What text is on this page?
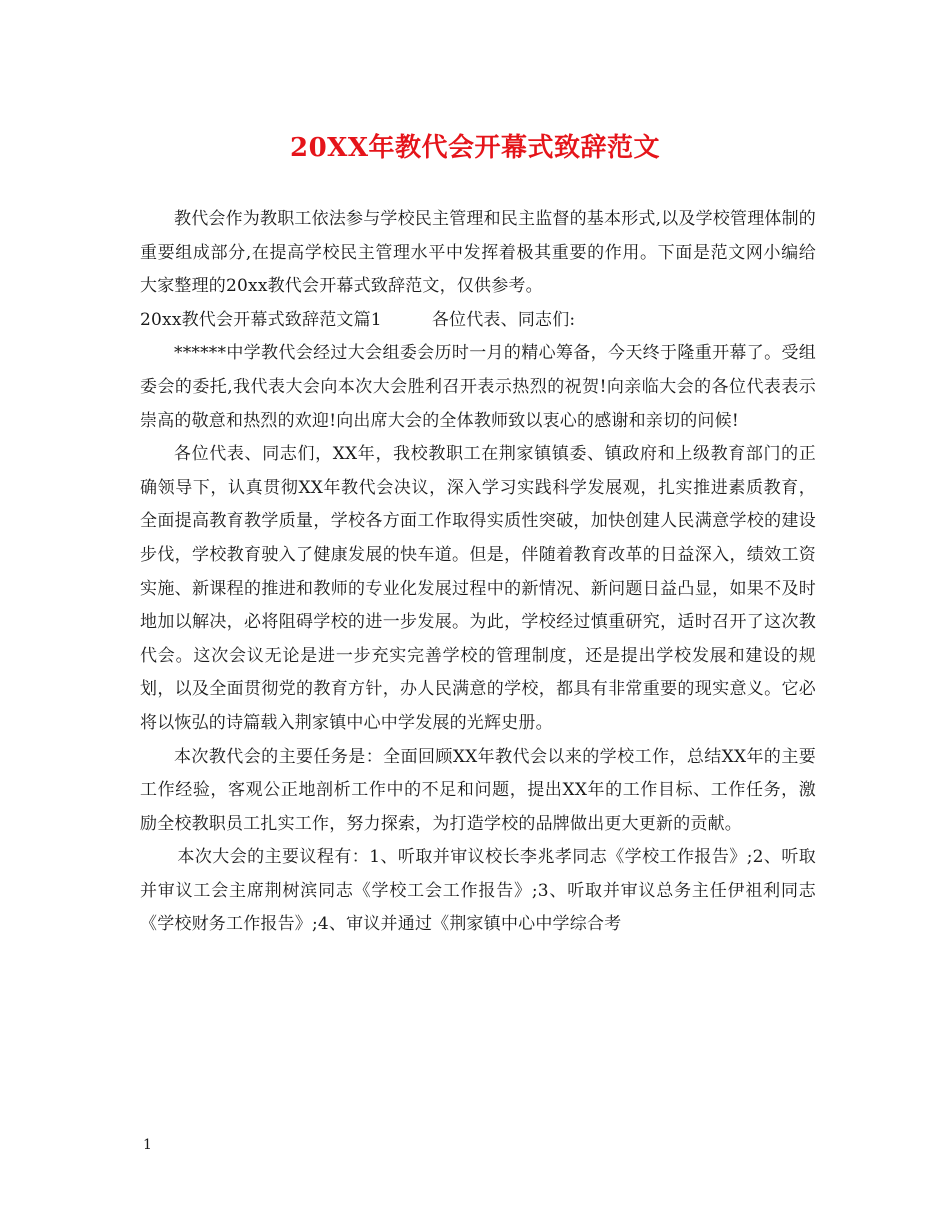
20XX年教代会开幕式致辞范文

教代会作为教职工依法参与学校民主管理和民主监督的基本形式,以及学校管理体制的重要组成部分,在提高学校民主管理水平中发挥着极其重要的作用。下面是范文网小编给大家整理的20xx教代会开幕式致辞范文，仅供参考。

20xx教代会开幕式致辞范文篇1	各位代表、同志们:

******中学教代会经过大会组委会历时一月的精心筹备，今天终于隆重开幕了。受组委会的委托,我代表大会向本次大会胜利召开表示热烈的祝贺!向亲临大会的各位代表表示崇高的敬意和热烈的欢迎!向出席大会的全体教师致以衷心的感谢和亲切的问候!

各位代表、同志们，XX年，我校教职工在荆家镇镇委、镇政府和上级教育部门的正确领导下，认真贯彻XX年教代会决议，深入学习实践科学发展观，扎实推进素质教育，全面提高教育教学质量，学校各方面工作取得实质性突破，加快创建人民满意学校的建设步伐，学校教育驶入了健康发展的快车道。但是，伴随着教育改革的日益深入，绩效工资实施、新课程的推进和教师的专业化发展过程中的新情况、新问题日益凸显，如果不及时地加以解决，必将阻碍学校的进一步发展。为此，学校经过慎重研究，适时召开了这次教代会。这次会议无论是进一步充实完善学校的管理制度，还是提出学校发展和建设的规划，以及全面贯彻党的教育方针，办人民满意的学校，都具有非常重要的现实意义。它必将以恢弘的诗篇载入荆家镇中心中学发展的光辉史册。

本次教代会的主要任务是：全面回顾XX年教代会以来的学校工作，总结XX年的主要工作经验，客观公正地剖析工作中的不足和问题，提出XX年的工作目标、工作任务，激励全校教职员工扎实工作，努力探索，为打造学校的品牌做出更大更新的贡献。

本次大会的主要议程有：1、听取并审议校长李兆孝同志《学校工作报告》;2、听取并审议工会主席荆树滨同志《学校工会工作报告》;3、听取并审议总务主任伊祖利同志《学校财务工作报告》;4、审议并通过《荆家镇中心中学综合考

1
